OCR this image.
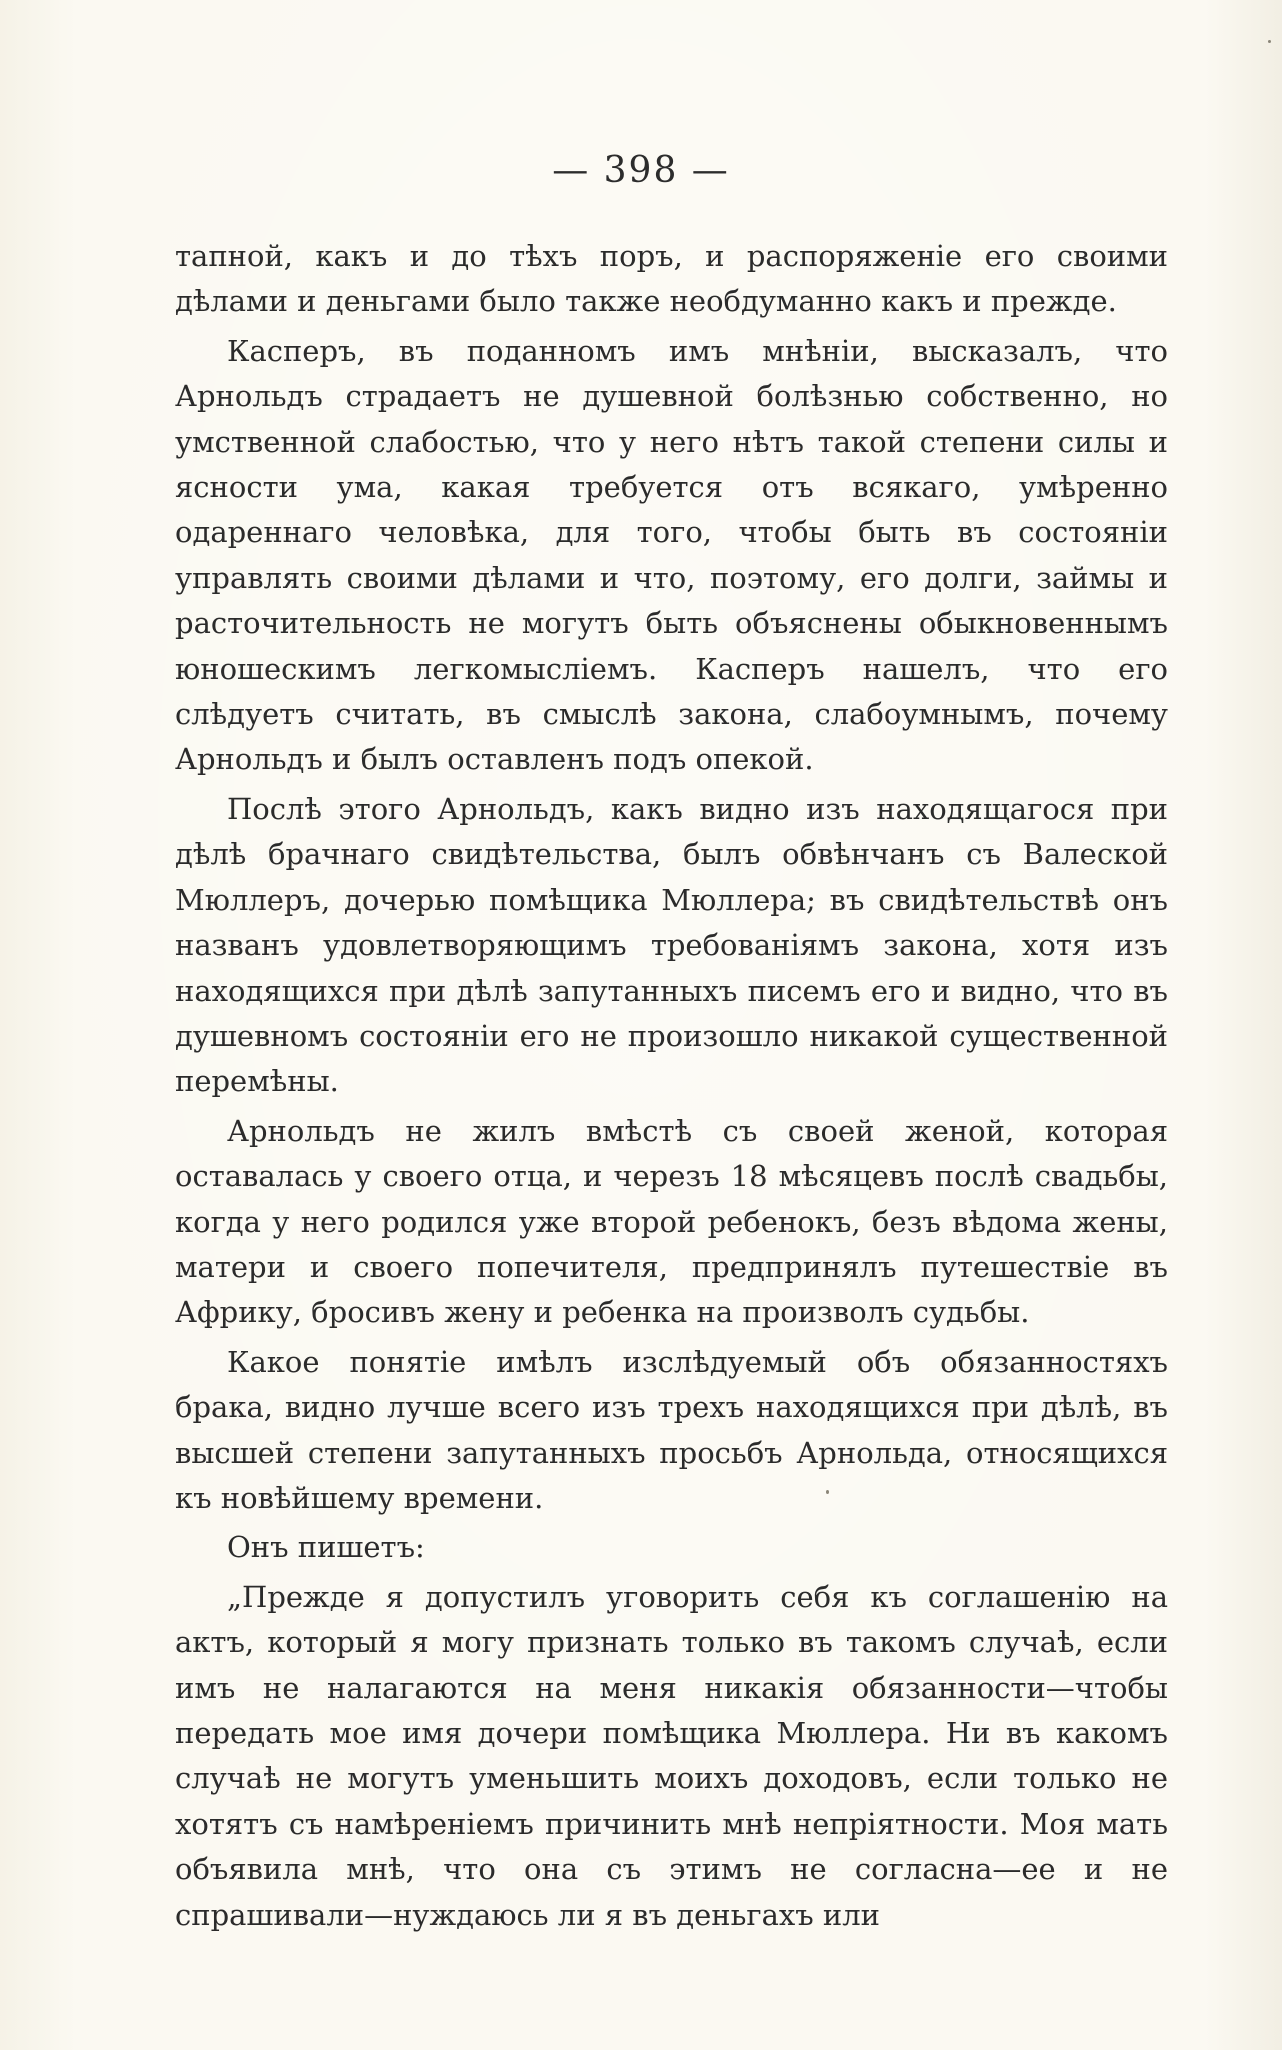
— 398 —

тапной, какъ и до тѣхъ поръ, и распоряженіе его своими дѣлами и деньгами было также необдуманно какъ и прежде.

Касперъ, въ поданномъ имъ мнѣніи, высказалъ, что Арнольдъ страдаетъ не душевной болѣзнью собственно, но умственной слабостью, что у него нѣтъ такой степени силы и ясности ума, какая требуется отъ всякаго, умѣренно одареннаго человѣка, для того, чтобы быть въ состояніи управлять своими дѣлами и что, поэтому, его долги, займы и расточительность не могутъ быть объяснены обыкновеннымъ юношескимъ легкомысліемъ. Касперъ нашелъ, что его слѣдуетъ считать, въ смыслѣ закона, слабоумнымъ, почему Арнольдъ и былъ оставленъ подъ опекой.

Послѣ этого Арнольдъ, какъ видно изъ находящагося при дѣлѣ брачнаго свидѣтельства, былъ обвѣнчанъ съ Валеской Мюллеръ, дочерью помѣщика Мюллера; въ свидѣтельствѣ онъ названъ удовлетворяющимъ требованіямъ закона, хотя изъ находящихся при дѣлѣ запутанныхъ писемъ его и видно, что въ душевномъ состояніи его не произошло никакой существенной перемѣны.

Арнольдъ не жилъ вмѣстѣ съ своей женой, которая оставалась у своего отца, и черезъ 18 мѣсяцевъ послѣ свадьбы, когда у него родился уже второй ребенокъ, безъ вѣдома жены, матери и своего попечителя, предпринялъ путешествіе въ Африку, бросивъ жену и ребенка на произволъ судьбы.

Какое понятіе имѣлъ изслѣдуемый объ обязанностяхъ брака, видно лучше всего изъ трехъ находящихся при дѣлѣ, въ высшей степени запутанныхъ просьбъ Арнольда, относящихся къ новѣйшему времени.

Онъ пишетъ:

„Прежде я допустилъ уговорить себя къ соглашенію на актъ, который я могу признать только въ такомъ случаѣ, если имъ не налагаются на меня никакія обязанности—чтобы передать мое имя дочери помѣщика Мюллера. Ни въ какомъ случаѣ не могутъ уменьшить моихъ доходовъ, если только не хотятъ съ намѣреніемъ причинить мнѣ непріятности. Моя мать объявила мнѣ, что она съ этимъ не согласна—ее и не спрашивали—нуждаюсь ли я въ деньгахъ или
